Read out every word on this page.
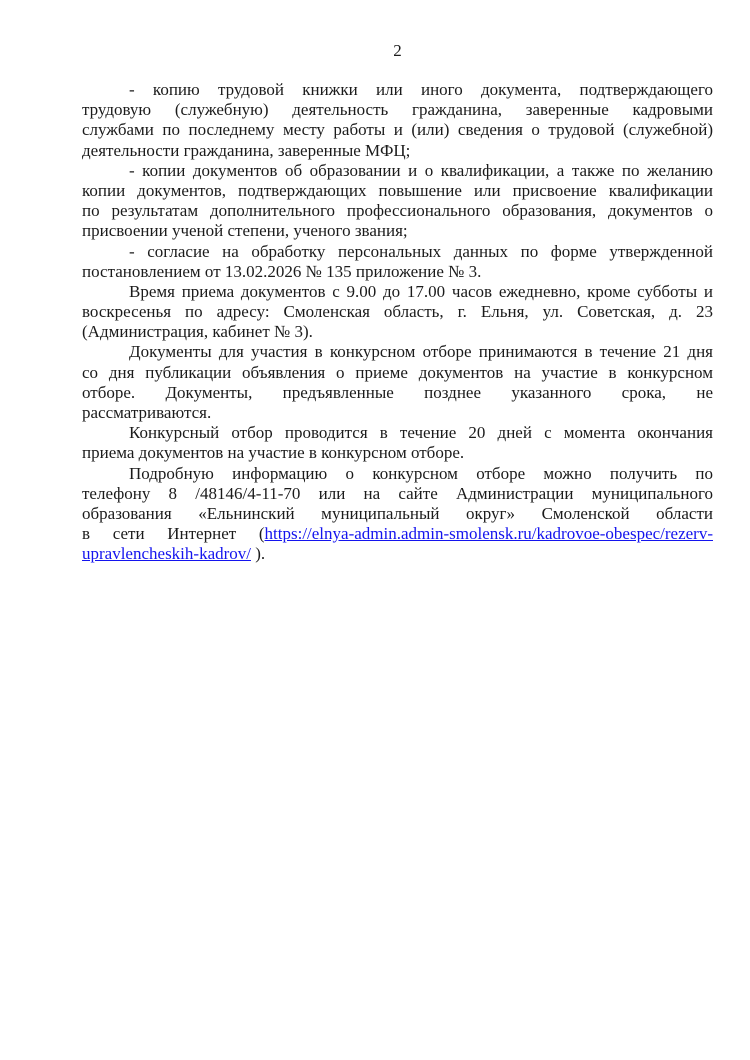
2
- копию трудовой книжки или иного документа, подтверждающего
трудовую (служебную) деятельность гражданина, заверенные кадровыми
службами по последнему месту работы и (или) сведения о трудовой (служебной)
деятельности гражданина, заверенные МФЦ;
- копии документов об образовании и о квалификации, а также по желанию
копии документов, подтверждающих повышение или присвоение квалификации
по результатам дополнительного профессионального образования, документов о
присвоении ученой степени, ученого звания;
- согласие на обработку персональных данных по форме утвержденной
постановлением от 13.02.2026 № 135 приложение № 3.
Время приема документов с 9.00 до 17.00 часов ежедневно, кроме субботы и
воскресенья по адресу: Смоленская область, г. Ельня, ул. Советская, д. 23
(Администрация, кабинет № 3).
Документы для участия в конкурсном отборе принимаются в течение 21 дня
со дня публикации объявления о приеме документов на участие в конкурсном
отборе. Документы, предъявленные позднее указанного срока, не
рассматриваются.
Конкурсный отбор проводится в течение 20 дней с момента окончания
приема документов на участие в конкурсном отборе.
Подробную информацию о конкурсном отборе можно получить по
телефону 8 /48146/4-11-70 или на сайте Администрации муниципального
образования «Ельнинский муниципальный округ» Смоленской области
в сети Интернет (https://elnya-admin.admin-smolensk.ru/kadrovoe-obespec/rezerv-
upravlencheskih-kadrov/ ).
